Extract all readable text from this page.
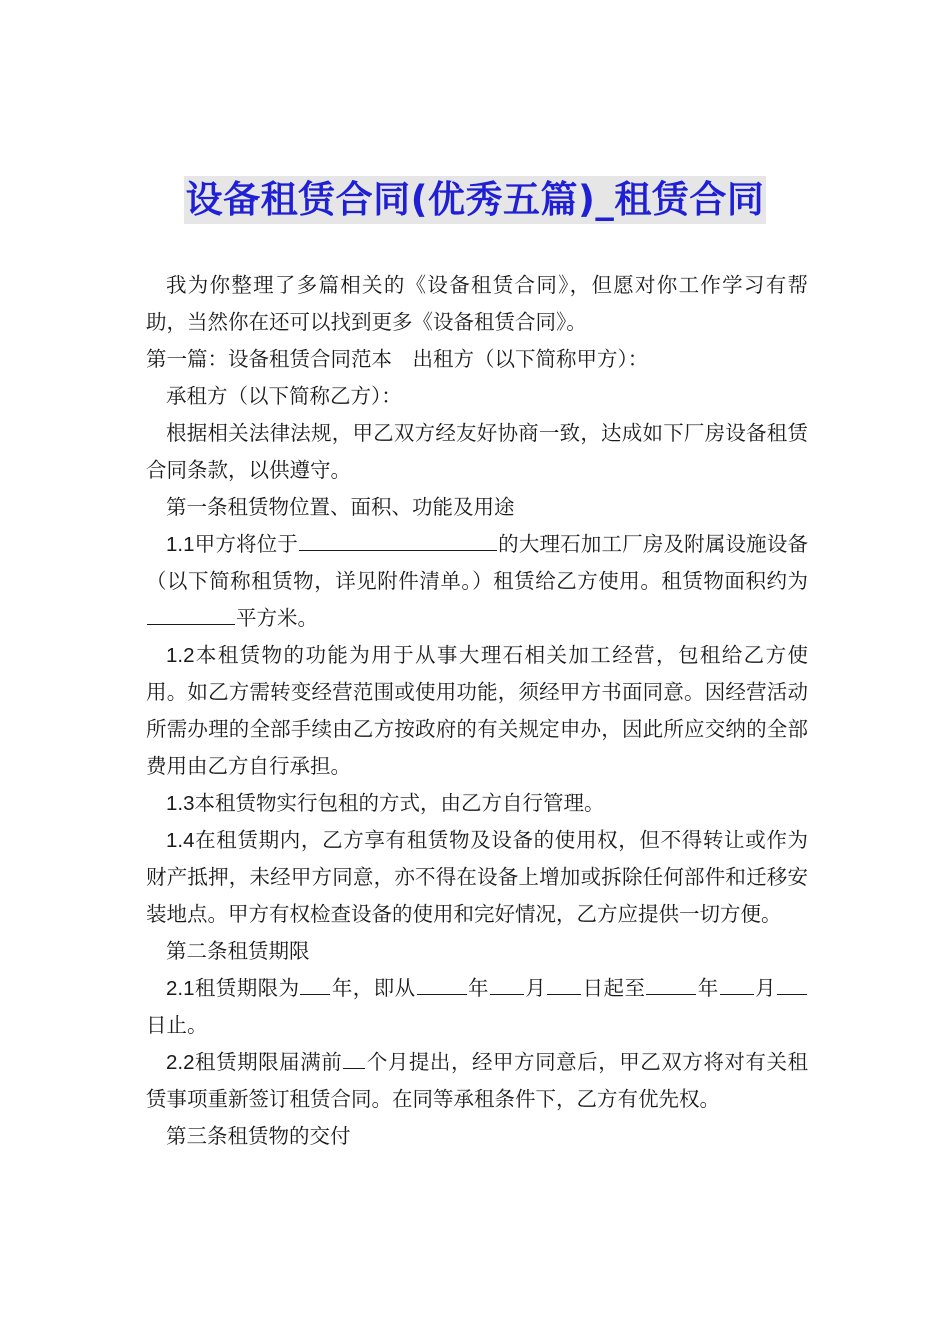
设备租赁合同(优秀五篇)_租赁合同

我为你整理了多篇相关的《设备租赁合同》，但愿对你工作学习有帮助，当然你在还可以找到更多《设备租赁合同》。

第一篇：设备租赁合同范本　出租方（以下简称甲方）：

承租方（以下简称乙方）：

根据相关法律法规，甲乙双方经友好协商一致，达成如下厂房设备租赁合同条款，以供遵守。

第一条租赁物位置、面积、功能及用途

1.1甲方将位于	的大理石加工厂房及附属设施设备（以下简称租赁物，详见附件清单。）租赁给乙方使用。租赁物面积约为平方米。

1.2本租赁物的功能为用于从事大理石相关加工经营，包租给乙方使用。如乙方需转变经营范围或使用功能，须经甲方书面同意。因经营活动所需办理的全部手续由乙方按政府的有关规定申办，因此所应交纳的全部费用由乙方自行承担。

1.3本租赁物实行包租的方式，由乙方自行管理。

1.4在租赁期内，乙方享有租赁物及设备的使用权，但不得转让或作为财产抵押，未经甲方同意，亦不得在设备上增加或拆除任何部件和迁移安装地点。甲方有权检查设备的使用和完好情况，乙方应提供一切方便。

第二条租赁期限

2.1租赁期限为 年，即从	年 月 日起至	年 月日止。

2.2租赁期限届满前 个月提出，经甲方同意后，甲乙双方将对有关租赁事项重新签订租赁合同。在同等承租条件下，乙方有优先权。

第三条租赁物的交付
